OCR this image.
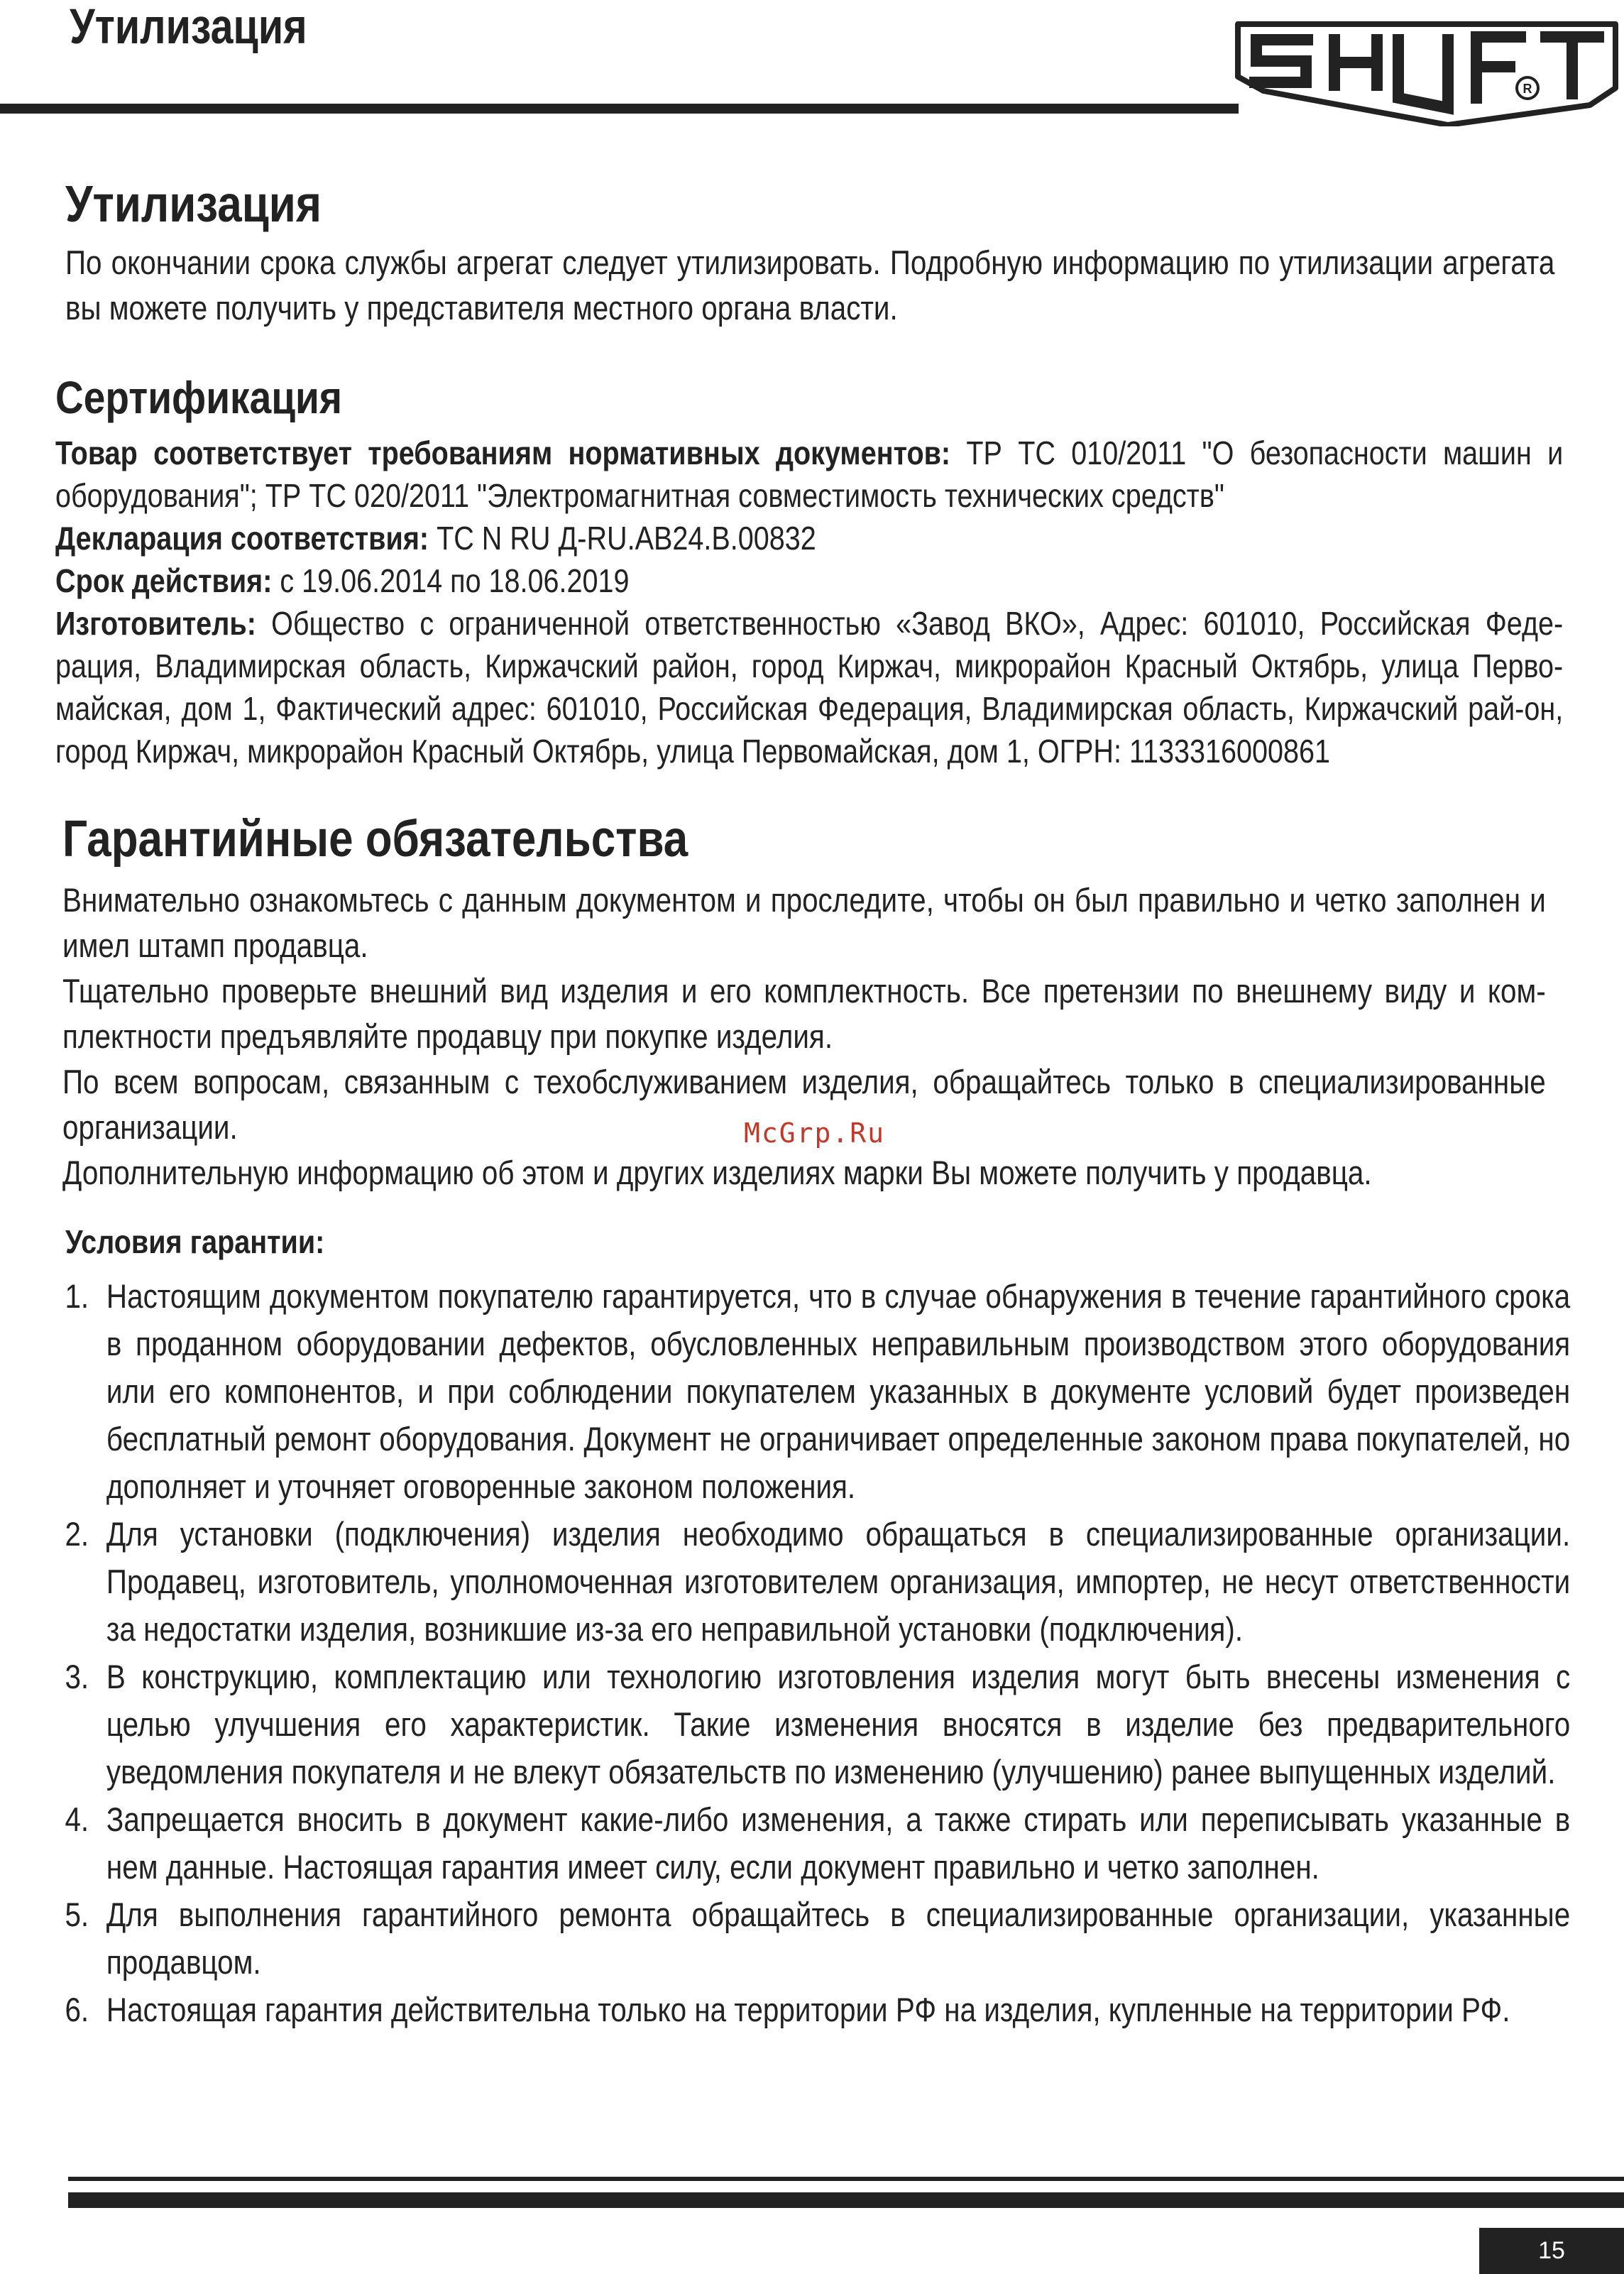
Утилизация
R
Утилизация
По окончании срока службы агрегат следует утилизировать. Подробную информацию по утилизации агрегата вы можете получить у представителя местного органа власти.
Сертификация
Товар соответствует требованиям нормативных документов: ТР ТС 010/2011 "О безопасности машин и оборудования"; ТР ТС 020/2011 "Электромагнитная совместимость технических средств"
Декларация соответствия: ТС N RU Д-RU.АВ24.В.00832
Срок действия: с 19.06.2014 по 18.06.2019
Изготовитель: Общество с ограниченной ответственностью «Завод ВКО», Адрес: 601010, Российская Феде-рация, Владимирская область, Киржачский район, город Киржач, микрорайон Красный Октябрь, улица Перво-майская, дом 1, Фактический адрес: 601010, Российская Федерация, Владимирская область, Киржачский рай-он, город Киржач, микрорайон Красный Октябрь, улица Первомайская, дом 1, ОГРН: 1133316000861
Гарантийные обязательства
Внимательно ознакомьтесь с данным документом и проследите, чтобы он был правильно и четко заполнен и имел штамп продавца.
Тщательно проверьте внешний вид изделия и его комплектность. Все претензии по внешнему виду и ком-плектности предъявляйте продавцу при покупке изделия.
По всем вопросам, связанным с техобслуживанием изделия, обращайтесь только в специализированные организации.
Дополнительную информацию об этом и других изделиях марки Вы можете получить у продавца.
Условия гарантии:
1. Настоящим документом покупателю гарантируется, что в случае обнаружения в течение гарантийного срока в проданном оборудовании дефектов, обусловленных неправильным производством этого оборудования или его компонентов, и при соблюдении покупателем указанных в документе условий будет произведен бесплатный ремонт оборудования. Документ не ограничивает определенные законом права покупателей, но дополняет и уточняет оговоренные законом положения.
2. Для установки (подключения) изделия необходимо обращаться в специализированные организации. Продавец, изготовитель, уполномоченная изготовителем организация, импортер, не несут ответственности за недостатки изделия, возникшие из-за его неправильной установки (подключения).
3. В конструкцию, комплектацию или технологию изготовления изделия могут быть внесены изменения с целью улучшения его характеристик. Такие изменения вносятся в изделие без предварительного уведомления покупателя и не влекут обязательств по изменению (улучшению) ранее выпущенных изделий.
4. Запрещается вносить в документ какие-либо изменения, а также стирать или переписывать указанные в нем данные. Настоящая гарантия имеет силу, если документ правильно и четко заполнен.
5. Для выполнения гарантийного ремонта обращайтесь в специализированные организации, указанные продавцом.
6. Настоящая гарантия действительна только на территории РФ на изделия, купленные на территории РФ.
McGrp.Ru
15
